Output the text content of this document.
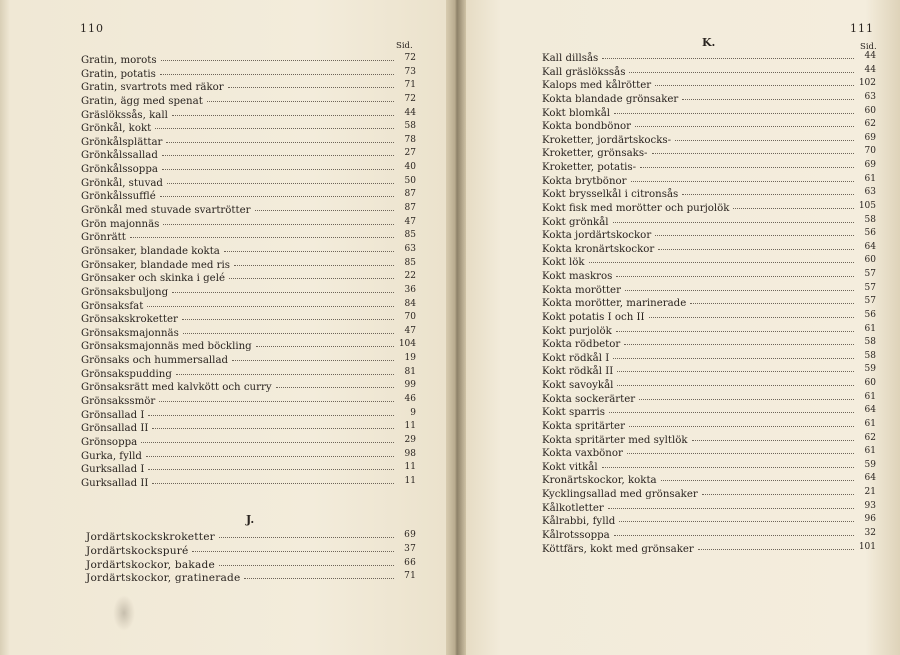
110
Sid.
Gratin, morots	72
Gratin, potatis	73
Gratin, svartrots med räkor	71
Gratin, ägg med spenat	72
Gräslökssås, kall	44
Grönkål, kokt	58
Grönkålsplättar	78
Grönkålssallad	27
Grönkålssoppa	40
Grönkål, stuvad	50
Grönkålssufflé	87
Grönkål med stuvade svartrötter	87
Grön majonnäs	47
Grönrätt	85
Grönsaker, blandade kokta	63
Grönsaker, blandade med ris	85
Grönsaker och skinka i gelé	22
Grönsaksbuljong	36
Grönsaksfat	84
Grönsakskroketter	70
Grönsaksmajonnäs	47
Grönsaksmajonnäs med böckling	104
Grönsaks och hummersallad	19
Grönsakspudding	81
Grönsaksrätt med kalvkött och curry	99
Grönsakssmör	46
Grönsallad I	9
Grönsallad II	11
Grönsoppa	29
Gurka, fylld	98
Gurksallad I	11
Gurksallad II	11
J.
Jordärtskockskroketter	69
Jordärtskockspuré	37
Jordärtskockor, bakade	66
Jordärtskockor, gratinerade	71
111
K.	Sid.
Kall dillsås	44
Kall gräslökssås	44
Kalops med kålrötter	102
Kokta blandade grönsaker	63
Kokt blomkål	60
Kokta bondbönor	62
Kroketter, jordärtskocks-	69
Kroketter, grönsaks-	70
Kroketter, potatis-	69
Kokta brytbönor	61
Kokt brysselkål i citronsås	63
Kokt fisk med morötter och purjolök	105
Kokt grönkål	58
Kokta jordärtskockor	56
Kokta kronärtskockor	64
Kokt lök	60
Kokt maskros	57
Kokta morötter	57
Kokta morötter, marinerade	57
Kokt potatis I och II	56
Kokt purjolök	61
Kokta rödbetor	58
Kokt rödkål I	58
Kokt rödkål II	59
Kokt savoykål	60
Kokta sockerärter	61
Kokt sparris	64
Kokta spritärter	61
Kokta spritärter med syltlök	62
Kokta vaxbönor	61
Kokt vitkål	59
Kronärtskockor, kokta	64
Kycklingsallad med grönsaker	21
Kålkotletter	93
Kålrabbi, fylld	96
Kålrotssoppa	32
Köttfärs, kokt med grönsaker	101
